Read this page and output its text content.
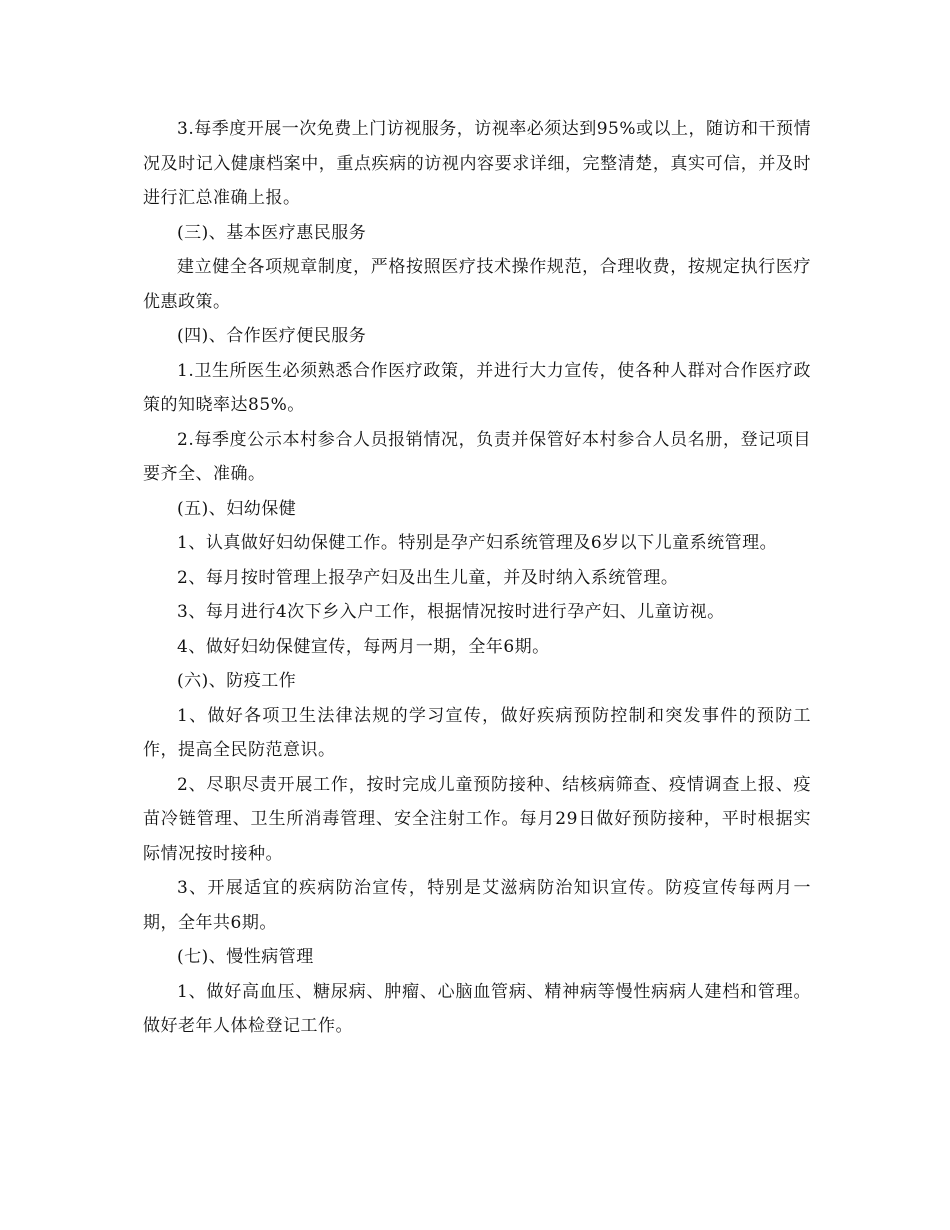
3.每季度开展一次免费上门访视服务，访视率必须达到95%或以上，随访和干预情况及时记入健康档案中，重点疾病的访视内容要求详细，完整清楚，真实可信，并及时进行汇总准确上报。

(三)、基本医疗惠民服务

建立健全各项规章制度，严格按照医疗技术操作规范，合理收费，按规定执行医疗优惠政策。

(四)、合作医疗便民服务

1.卫生所医生必须熟悉合作医疗政策，并进行大力宣传，使各种人群对合作医疗政策的知晓率达85%。

2.每季度公示本村参合人员报销情况，负责并保管好本村参合人员名册，登记项目要齐全、准确。

(五)、妇幼保健

1、认真做好妇幼保健工作。特别是孕产妇系统管理及6岁以下儿童系统管理。

2、每月按时管理上报孕产妇及出生儿童，并及时纳入系统管理。

3、每月进行4次下乡入户工作，根据情况按时进行孕产妇、儿童访视。

4、做好妇幼保健宣传，每两月一期，全年6期。

(六)、防疫工作

1、做好各项卫生法律法规的学习宣传，做好疾病预防控制和突发事件的预防工作，提高全民防范意识。

2、尽职尽责开展工作，按时完成儿童预防接种、结核病筛查、疫情调查上报、疫苗冷链管理、卫生所消毒管理、安全注射工作。每月29日做好预防接种，平时根据实际情况按时接种。

3、开展适宜的疾病防治宣传，特别是艾滋病防治知识宣传。防疫宣传每两月一期，全年共6期。

(七)、慢性病管理

1、做好高血压、糖尿病、肿瘤、心脑血管病、精神病等慢性病病人建档和管理。做好老年人体检登记工作。
